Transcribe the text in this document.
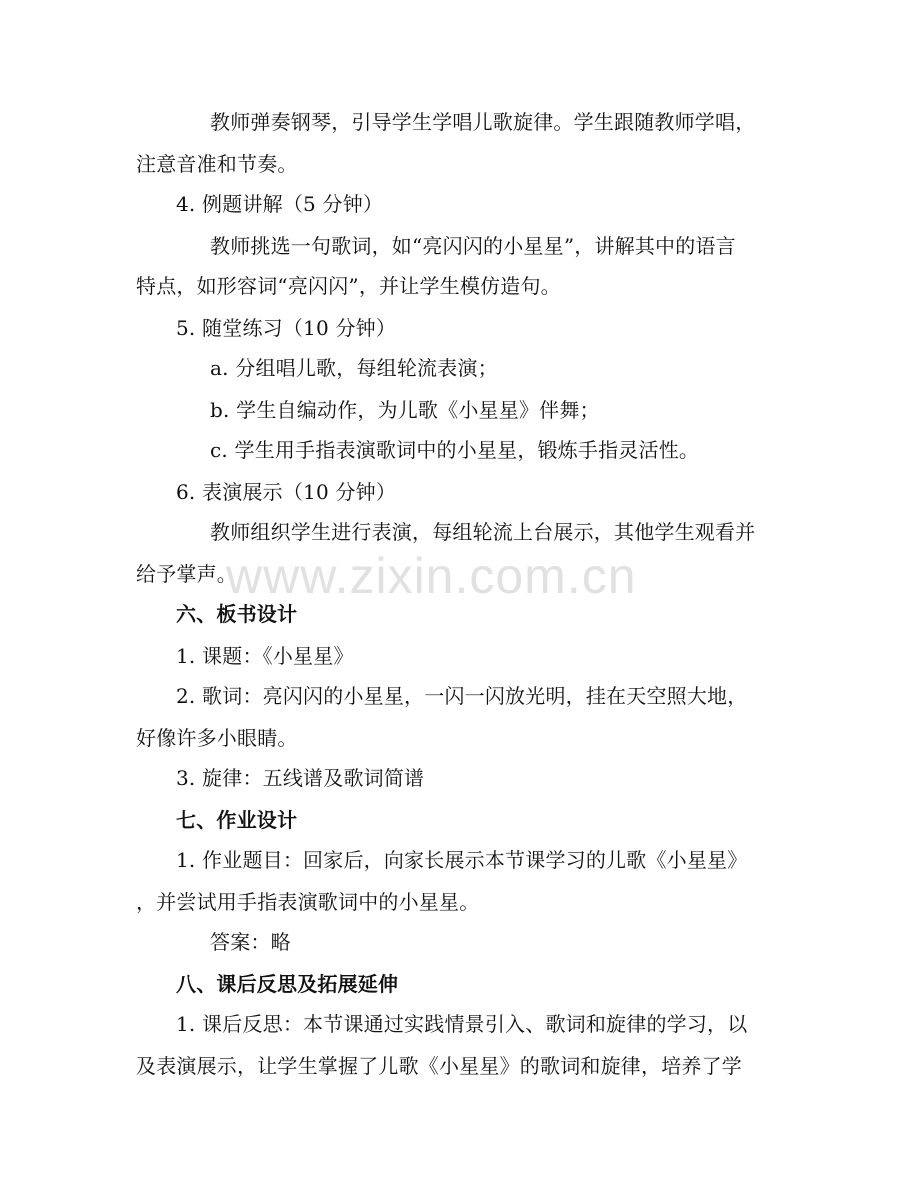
教师弹奏钢琴，引导学生学唱儿歌旋律。学生跟随教师学唱，
注意音准和节奏。
4. 例题讲解（5 分钟）
教师挑选一句歌词，如“亮闪闪的小星星”，讲解其中的语言
特点，如形容词“亮闪闪”，并让学生模仿造句。
5. 随堂练习（10 分钟）
a. 分组唱儿歌，每组轮流表演；
b. 学生自编动作，为儿歌《小星星》伴舞；
c. 学生用手指表演歌词中的小星星，锻炼手指灵活性。
6. 表演展示（10 分钟）
教师组织学生进行表演，每组轮流上台展示，其他学生观看并
给予掌声。
六、板书设计
1. 课题：《小星星》
2. 歌词：亮闪闪的小星星，一闪一闪放光明，挂在天空照大地，
好像许多小眼睛。
3. 旋律：五线谱及歌词简谱
七、作业设计
1. 作业题目：回家后，向家长展示本节课学习的儿歌《小星星》
，并尝试用手指表演歌词中的小星星。
答案：略
八、课后反思及拓展延伸
1. 课后反思：本节课通过实践情景引入、歌词和旋律的学习，以
及表演展示，让学生掌握了儿歌《小星星》的歌词和旋律，培养了学
www.zixin.com.cn
